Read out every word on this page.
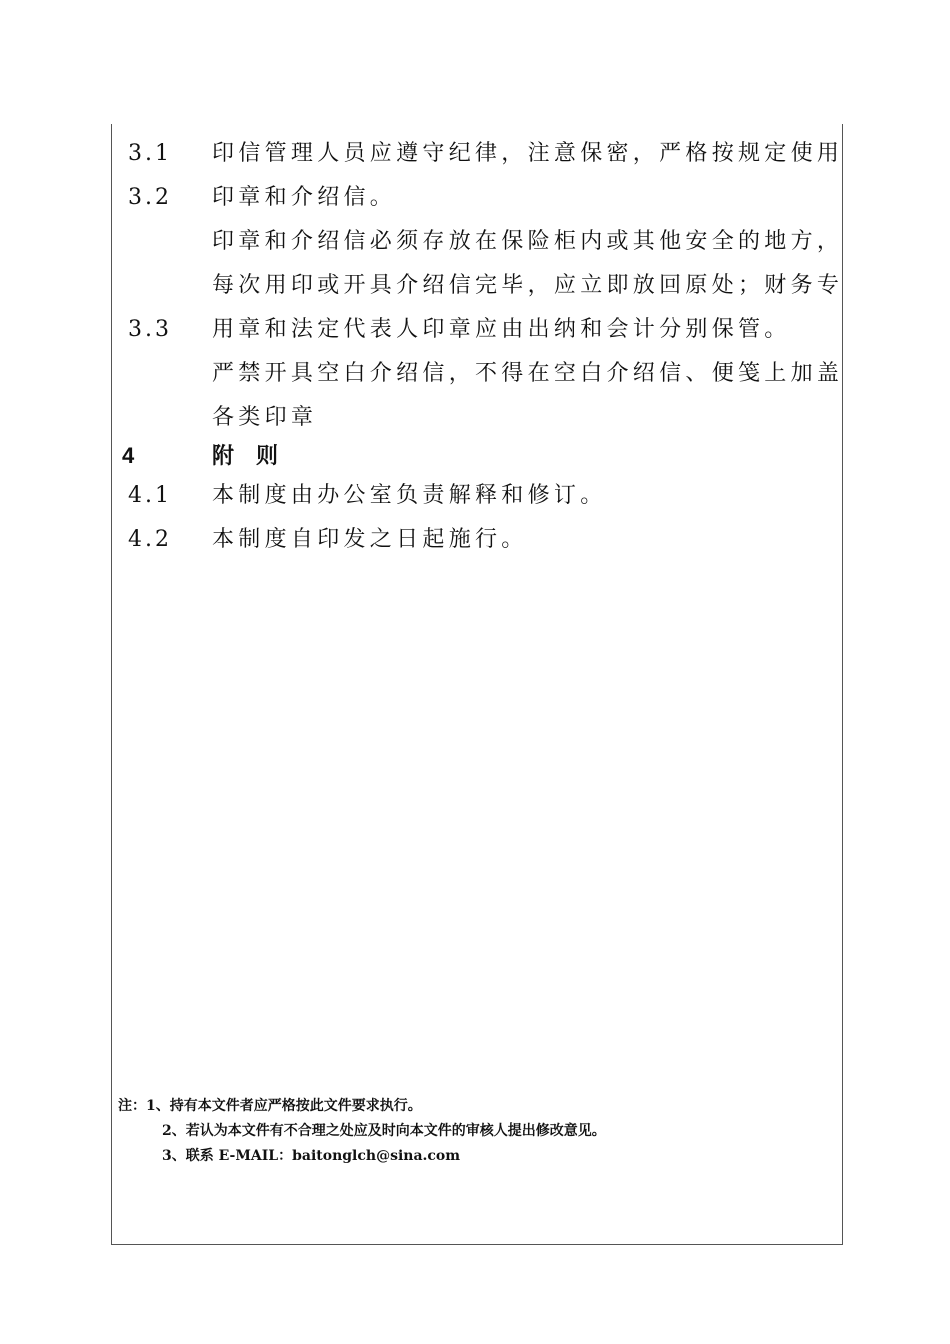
3.1 印信管理人员应遵守纪律，注意保密，严格按规定使用
3.2 印章和介绍信。
印章和介绍信必须存放在保险柜内或其他安全的地方，
每次用印或开具介绍信完毕，应立即放回原处；财务专
3.3 用章和法定代表人印章应由出纳和会计分别保管。
严禁开具空白介绍信，不得在空白介绍信、便笺上加盖
各类印章
4	附　则
4.1 本制度由办公室负责解释和修订。
4.2 本制度自印发之日起施行。
注：1、持有本文件者应严格按此文件要求执行。
2、若认为本文件有不合理之处应及时向本文件的审核人提出修改意见。
3、联系 E-MAIL：baitonglch@sina.com
